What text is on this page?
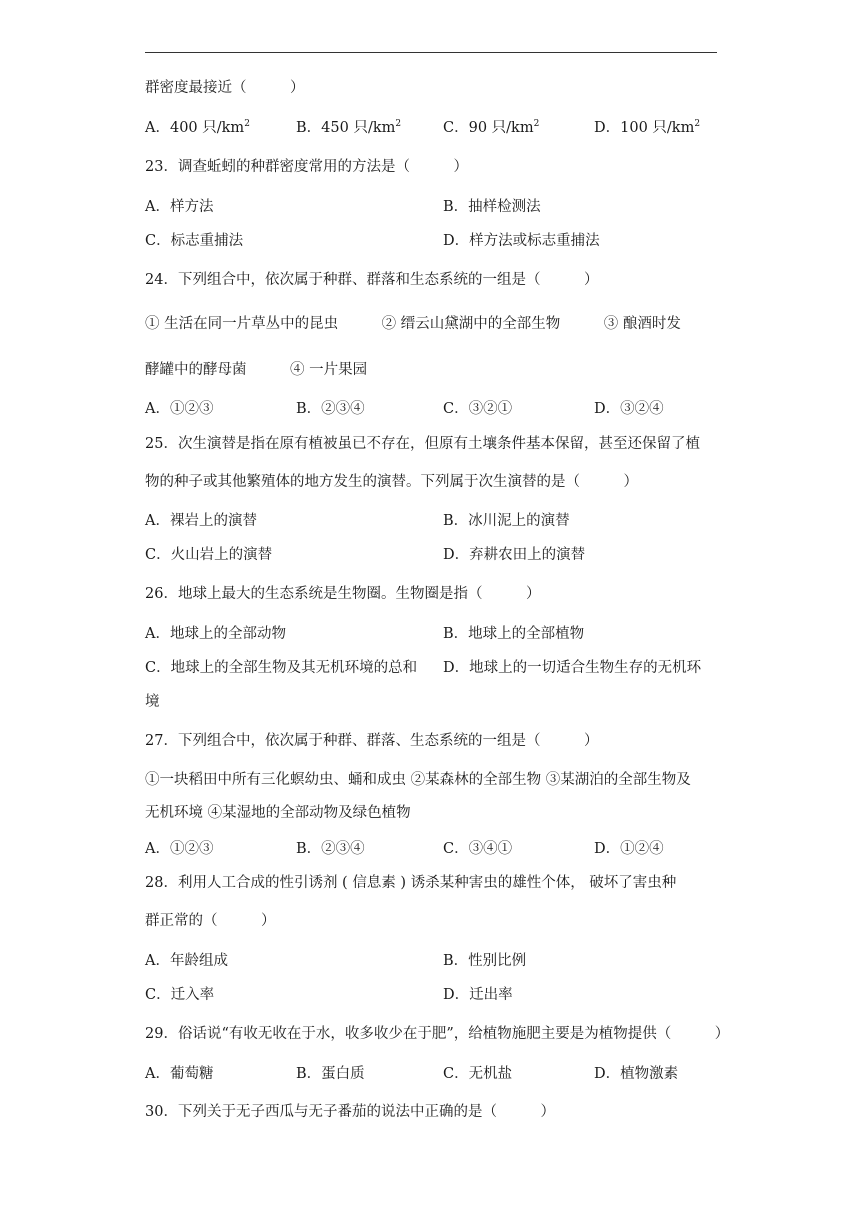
群密度最接近（　　　）
A．400 只$/km^2$	B．450 只$/km^2$	C．90 只$/km^2$	D．100 只$/km^2$
23．调查蚯蚓的种群密度常用的方法是（　　　）
A．样方法	B．抽样检测法
C．标志重捕法	D．样方法或标志重捕法
24．下列组合中，依次属于种群、群落和生态系统的一组是（　　　）
① 生活在同一片草丛中的昆虫　　　② 缙云山黛湖中的全部生物　　　③ 酿酒时发
酵罐中的酵母菌　　　④ 一片果园
A．①②③	B．②③④	C．③②①	D．③②④
25．次生演替是指在原有植被虽已不存在，但原有土壤条件基本保留，甚至还保留了植
物的种子或其他繁殖体的地方发生的演替。下列属于次生演替的是（　　　）
A．裸岩上的演替	B．冰川泥上的演替
C．火山岩上的演替	D．弃耕农田上的演替
26．地球上最大的生态系统是生物圈。生物圈是指（　　　）
A．地球上的全部动物	B．地球上的全部植物
C．地球上的全部生物及其无机环境的总和 D．地球上的一切适合生物生存的无机环
境
27．下列组合中，依次属于种群、群落、生态系统的一组是（　　　）
①一块稻田中所有三化螟幼虫、蛹和成虫 ②某森林的全部生物 ③某湖泊的全部生物及
无机环境 ④某湿地的全部动物及绿色植物
A．①②③	B．②③④	C．③④①	D．①②④
28．利用人工合成的性引诱剂 ( 信息素 ) 诱杀某种害虫的雄性个体， 破坏了害虫种
群正常的（　　　）
A．年龄组成	B．性别比例
C．迁入率	D．迁出率
29．俗话说“有收无收在于水，收多收少在于肥”，给植物施肥主要是为植物提供（　　　）
A．葡萄糖	B．蛋白质	C．无机盐	D．植物激素
30．下列关于无子西瓜与无子番茄的说法中正确的是（　　　）
